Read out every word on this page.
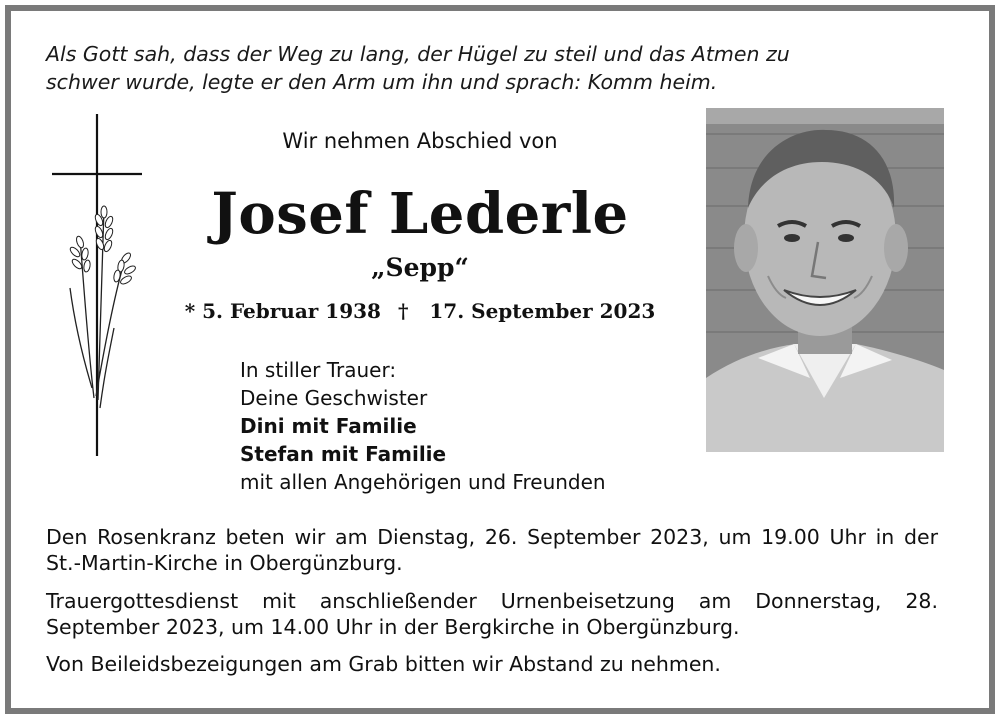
Als Gott sah, dass der Weg zu lang, der Hügel zu steil und das Atmen zu
schwer wurde, legte er den Arm um ihn und sprach: Komm heim.
Wir nehmen Abschied von
Josef Lederle
„Sepp“
* 5. Februar 1938 † 17. September 2023
In stiller Trauer:
Deine Geschwister
Dini mit Familie
Stefan mit Familie
mit allen Angehörigen und Freunden
Den Rosenkranz beten wir am Dienstag, 26. September 2023, um 19.00 Uhr in der St.-Martin-Kirche in Obergünzburg.
Trauergottesdienst mit anschließender Urnenbeisetzung am Donnerstag, 28. September 2023, um 14.00 Uhr in der Bergkirche in Obergünzburg.
Von Beileidsbezeigungen am Grab bitten wir Abstand zu nehmen.
